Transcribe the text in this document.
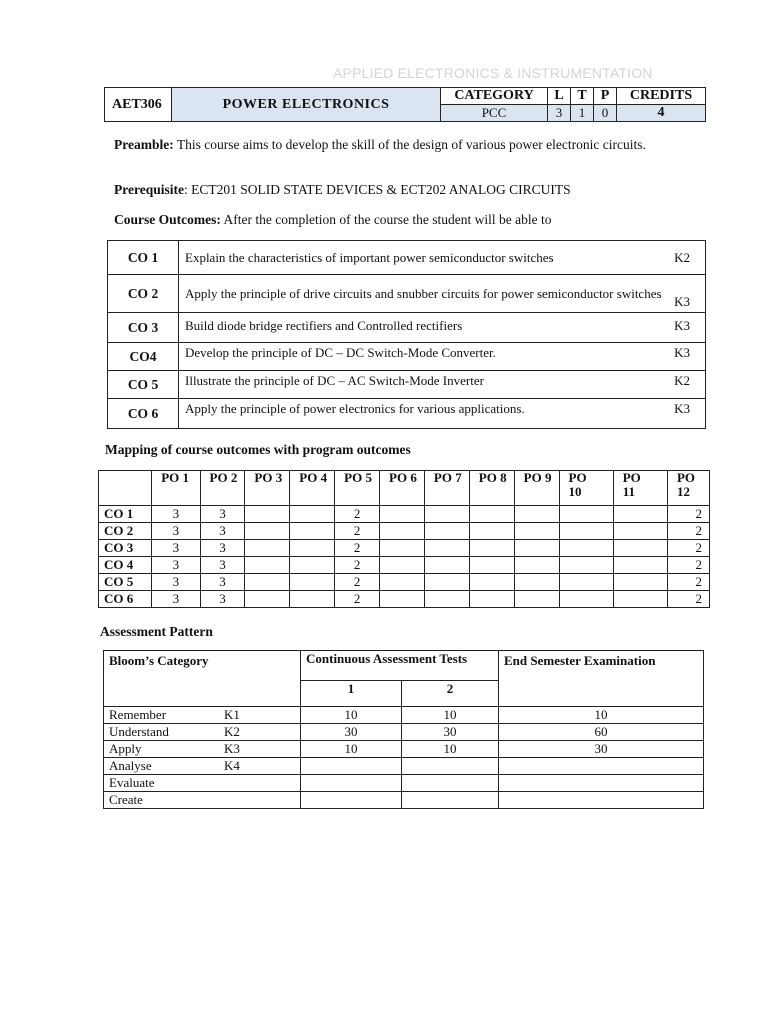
APPLIED ELECTRONICS & INSTRUMENTATION
AET306	POWER ELECTRONICS	CATEGORY	L	T	P	CREDITS
		PCC	3	1	0	4
Preamble: This course aims to develop the skill of the design of various power electronic circuits.
Prerequisite: ECT201 SOLID STATE DEVICES & ECT202 ANALOG CIRCUITS
Course Outcomes: After the completion of the course the student will be able to
CO 1	Explain the characteristics of important power semiconductor switches K2

CO 2	Apply the principle of drive circuits and snubber circuits for power semiconductor switches
K3

CO 3	Build diode bridge rectifiers and Controlled rectifiers K3

CO4	Develop the principle of DC – DC Switch-Mode Converter. K3

CO 5	Illustrate the principle of DC – AC Switch-Mode Inverter K2

CO 6	Apply the principle of power electronics for various applications. K3
Mapping of course outcomes with program outcomes
	PO 1	PO 2	PO 3	PO 4	PO 5	PO 6	PO 7	PO 8	PO 9	PO 10	PO 11	PO 12
CO 1	3	3			2							2
CO 2	3	3			2							2
CO 3	3	3			2							2
CO 4	3	3			2							2
CO 5	3	3			2							2
CO 6	3	3			2							2
Assessment Pattern
Bloom’s Category	Continuous Assessment Tests		End Semester Examination
	1	2	
Remember K1	10	10	10
Understand K2	30	30	60
Apply K3	10	10	30
Analyse K4			
Evaluate			
Create			
